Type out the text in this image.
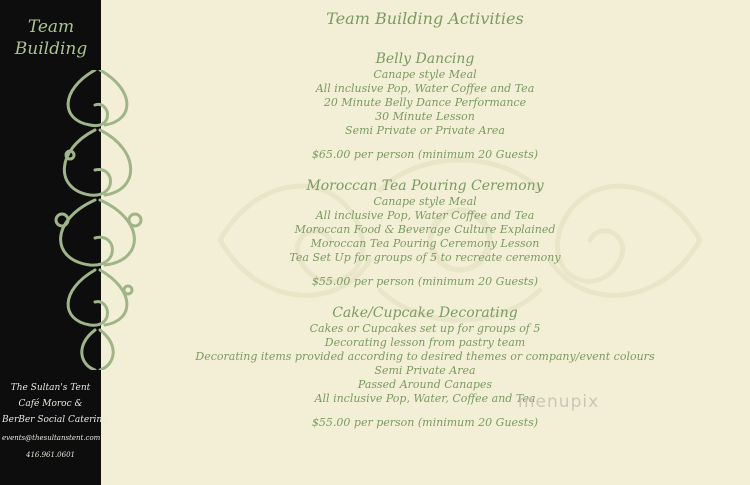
Team
Building
The Sultan's Tent
Café Moroc &
BerBer Social Catering
events@thesultanstent.com
416.961.0601
Team Building Activities
Belly Dancing
Canape style Meal
All inclusive Pop, Water Coffee and Tea
20 Minute Belly Dance Performance
30 Minute Lesson
Semi Private or Private Area
$65.00 per person (minimum 20 Guests)
Moroccan Tea Pouring Ceremony
Canape style Meal
All inclusive Pop, Water Coffee and Tea
Moroccan Food & Beverage Culture Explained
Moroccan Tea Pouring Ceremony Lesson
Tea Set Up for groups of 5 to recreate ceremony
$55.00 per person (minimum 20 Guests)
Cake/Cupcake Decorating
Cakes or Cupcakes set up for groups of 5
Decorating lesson from pastry team
Decorating items provided according to desired themes or company/event colours
Semi Private Area
Passed Around Canapes
All inclusive Pop, Water, Coffee and Tea
$55.00 per person (minimum 20 Guests)
menupix
